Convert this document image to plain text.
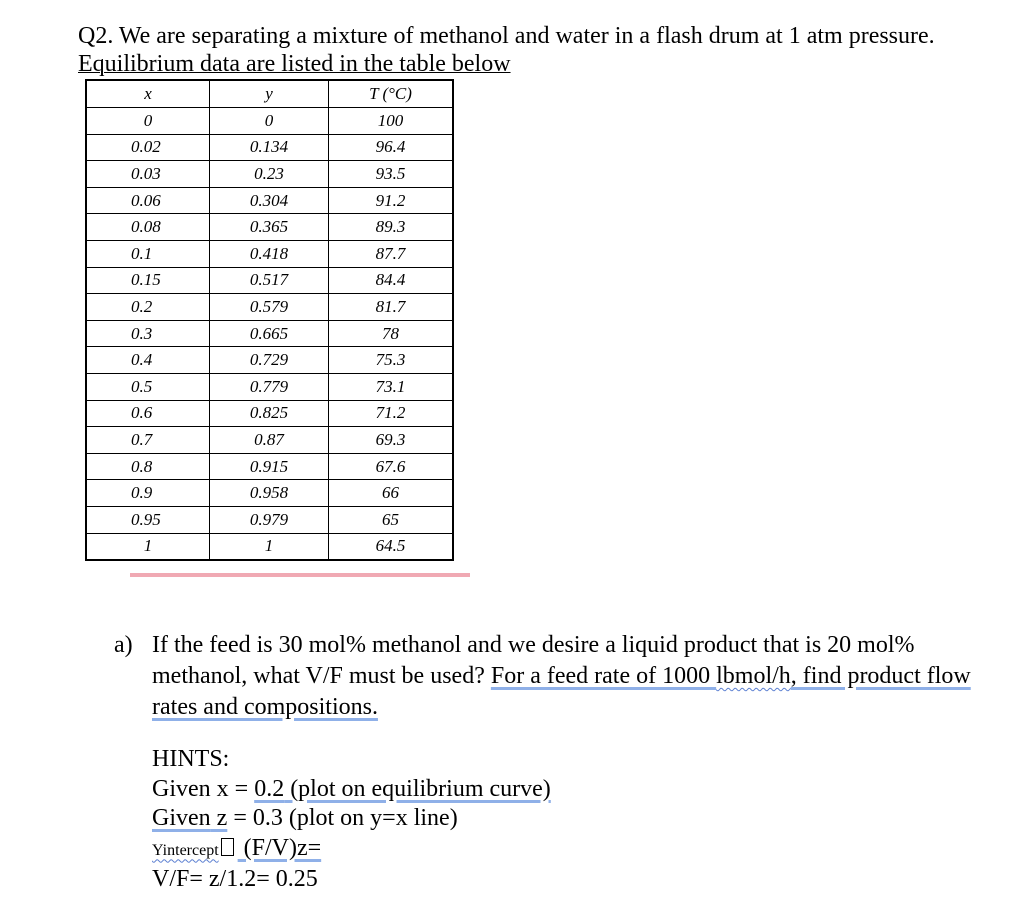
Q2. We are separating a mixture of methanol and water in a flash drum at 1 atm pressure.
Equilibrium data are listed in the table below
x	y	T (°C)
0	0	100
0.02	0.134	96.4
0.03	0.23	93.5
0.06	0.304	91.2
0.08	0.365	89.3
0.1	0.418	87.7
0.15	0.517	84.4
0.2	0.579	81.7
0.3	0.665	78
0.4	0.729	75.3
0.5	0.779	73.1
0.6	0.825	71.2
0.7	0.87	69.3
0.8	0.915	67.6
0.9	0.958	66
0.95	0.979	65
1	1	64.5
a) If the feed is 30 mol% methanol and we desire a liquid product that is 20 mol% methanol, what V/F must be used? For a feed rate of 1000 lbmol/h, find product flow rates and compositions.
HINTS:
Given x = 0.2 (plot on equilibrium curve)
Given z = 0.3 (plot on y=x line)
Yintercept (F/V)z=
V/F= z/1.2= 0.25
